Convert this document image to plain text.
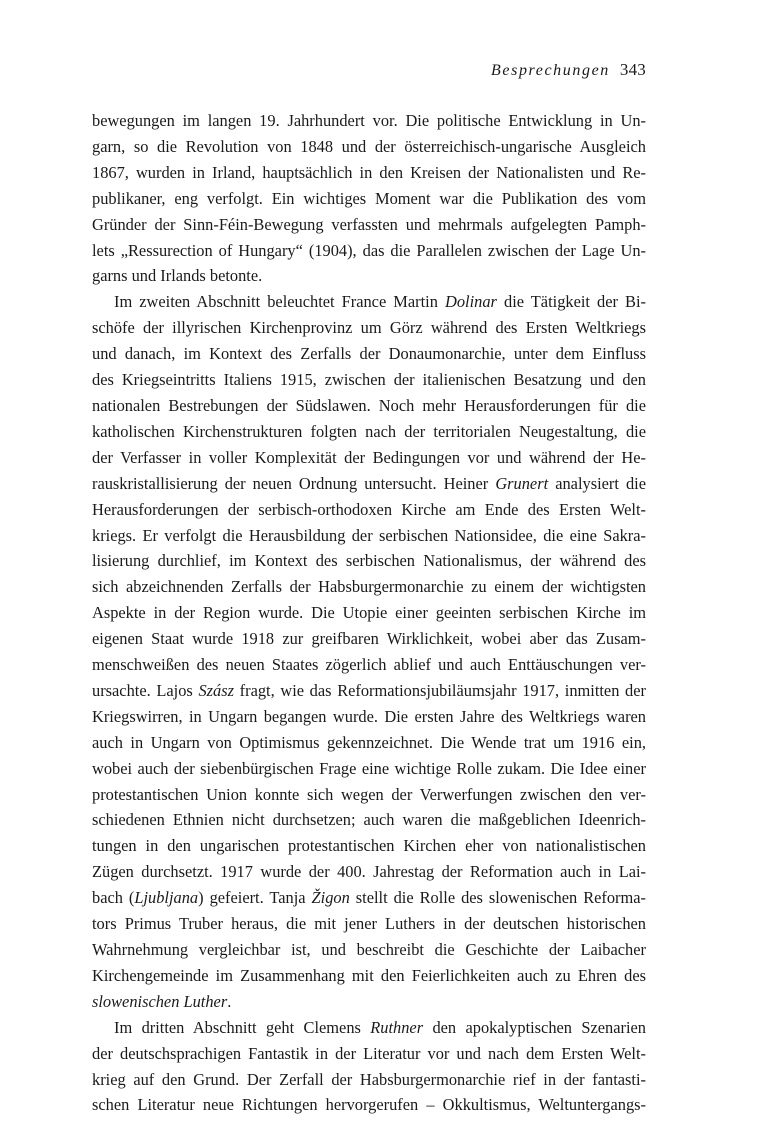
Besprechungen 343
bewegungen im langen 19. Jahrhundert vor. Die politische Entwicklung in Un-
garn, so die Revolution von 1848 und der österreichisch-ungarische Ausgleich
1867, wurden in Irland, hauptsächlich in den Kreisen der Nationalisten und Re-
publikaner, eng verfolgt. Ein wichtiges Moment war die Publikation des vom
Gründer der Sinn-Féin-Bewegung verfassten und mehrmals aufgelegten Pamph-
lets „Ressurection of Hungary“ (1904), das die Parallelen zwischen der Lage Un-
garns und Irlands betonte.
Im zweiten Abschnitt beleuchtet France Martin Dolinar die Tätigkeit der Bi-
schöfe der illyrischen Kirchenprovinz um Görz während des Ersten Weltkriegs
und danach, im Kontext des Zerfalls der Donaumonarchie, unter dem Einfluss
des Kriegseintritts Italiens 1915, zwischen der italienischen Besatzung und den
nationalen Bestrebungen der Südslawen. Noch mehr Herausforderungen für die
katholischen Kirchenstrukturen folgten nach der territorialen Neugestaltung, die
der Verfasser in voller Komplexität der Bedingungen vor und während der He-
rauskristallisierung der neuen Ordnung untersucht. Heiner Grunert analysiert die
Herausforderungen der serbisch-orthodoxen Kirche am Ende des Ersten Welt-
kriegs. Er verfolgt die Herausbildung der serbischen Nationsidee, die eine Sakra-
lisierung durchlief, im Kontext des serbischen Nationalismus, der während des
sich abzeichnenden Zerfalls der Habsburgermonarchie zu einem der wichtigsten
Aspekte in der Region wurde. Die Utopie einer geeinten serbischen Kirche im
eigenen Staat wurde 1918 zur greifbaren Wirklichkeit, wobei aber das Zusam-
menschweißen des neuen Staates zögerlich ablief und auch Enttäuschungen ver-
ursachte. Lajos Szász fragt, wie das Reformationsjubiläumsjahr 1917, inmitten der
Kriegswirren, in Ungarn begangen wurde. Die ersten Jahre des Weltkriegs waren
auch in Ungarn von Optimismus gekennzeichnet. Die Wende trat um 1916 ein,
wobei auch der siebenbürgischen Frage eine wichtige Rolle zukam. Die Idee einer
protestantischen Union konnte sich wegen der Verwerfungen zwischen den ver-
schiedenen Ethnien nicht durchsetzen; auch waren die maßgeblichen Ideenrich-
tungen in den ungarischen protestantischen Kirchen eher von nationalistischen
Zügen durchsetzt. 1917 wurde der 400. Jahrestag der Reformation auch in Lai-
bach (Ljubljana) gefeiert. Tanja Žigon stellt die Rolle des slowenischen Reforma-
tors Primus Truber heraus, die mit jener Luthers in der deutschen historischen
Wahrnehmung vergleichbar ist, und beschreibt die Geschichte der Laibacher
Kirchengemeinde im Zusammenhang mit den Feierlichkeiten auch zu Ehren des
slowenischen Luther.
Im dritten Abschnitt geht Clemens Ruthner den apokalyptischen Szenarien
der deutschsprachigen Fantastik in der Literatur vor und nach dem Ersten Welt-
krieg auf den Grund. Der Zerfall der Habsburgermonarchie rief in der fantasti-
schen Literatur neue Richtungen hervorgerufen – Okkultismus, Weltuntergangs-
